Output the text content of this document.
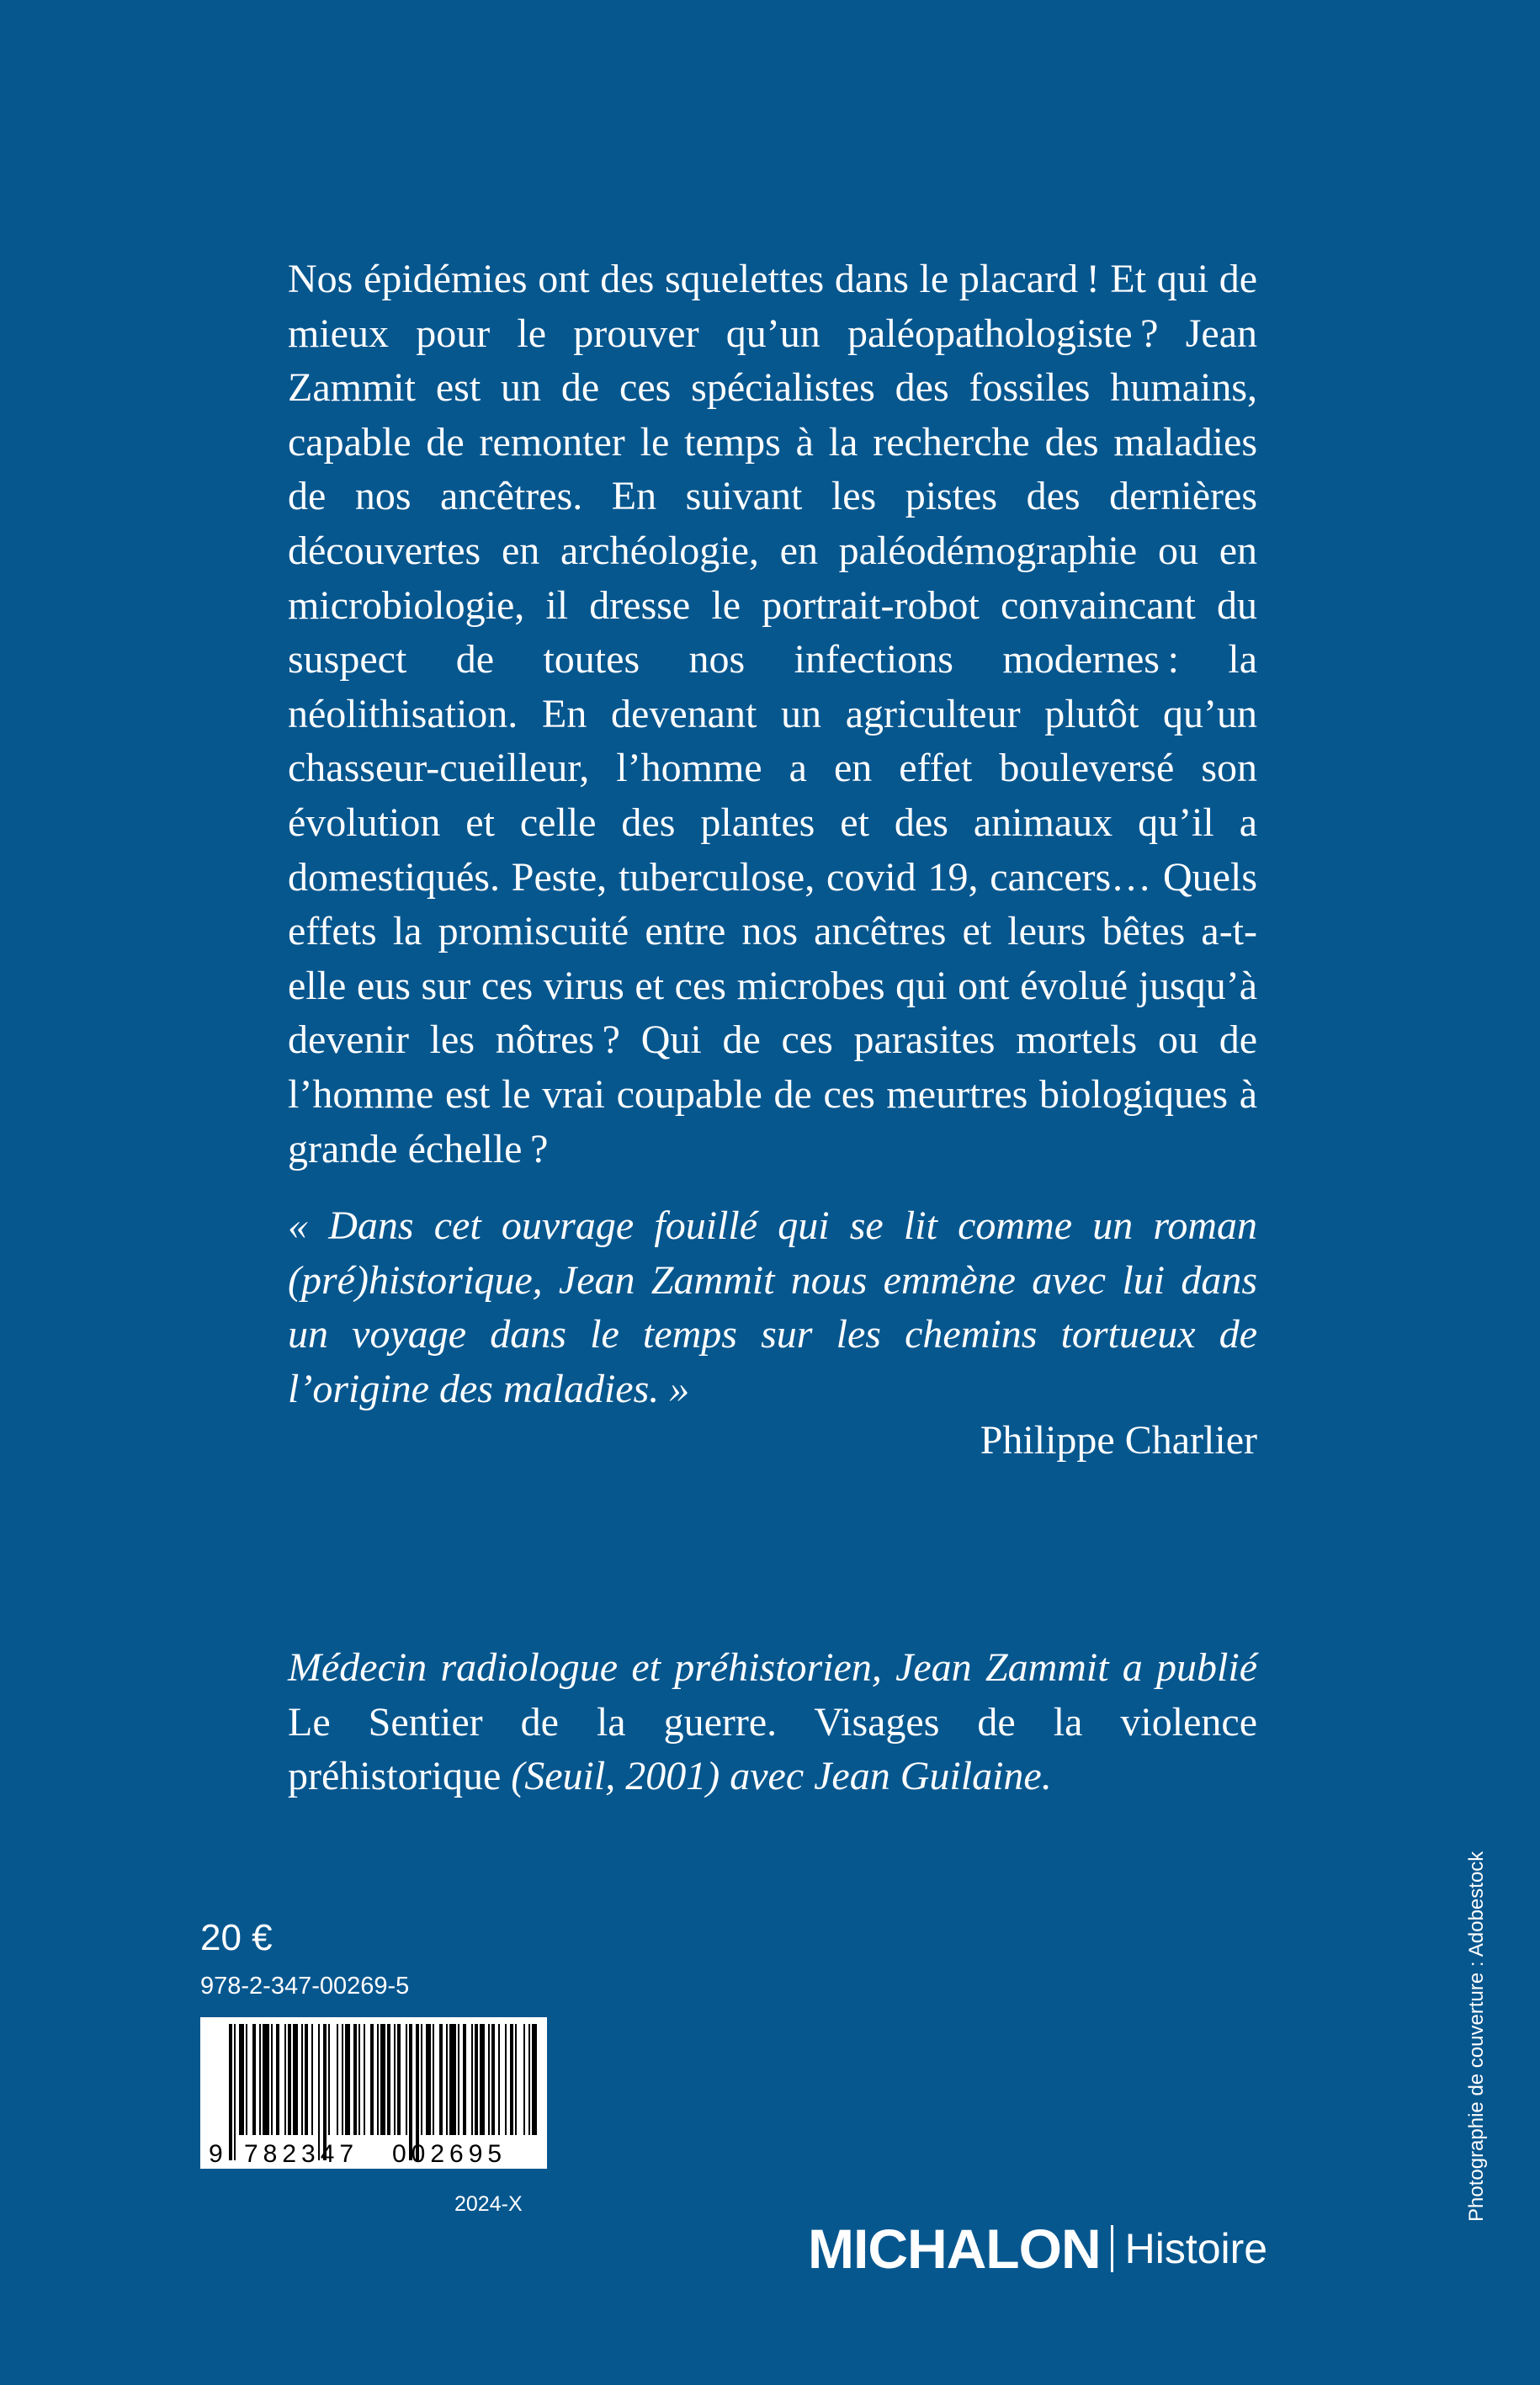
Nos épidémies ont des squelettes dans le placard ! Et qui de mieux pour le prouver qu’un paléopathologiste ? Jean Zammit est un de ces spécialistes des fossiles humains, capable de remonter le temps à la recherche des maladies de nos ancêtres. En suivant les pistes des dernières découvertes en archéologie, en paléodémographie ou en microbiologie, il dresse le portrait-robot convaincant du suspect de toutes nos infections modernes : la néolithisation. En devenant un agriculteur plutôt qu’un chasseur-cueilleur, l’homme a en effet bouleversé son évolution et celle des plantes et des animaux qu’il a domestiqués. Peste, tuberculose, covid 19, cancers… Quels effets la promiscuité entre nos ancêtres et leurs bêtes a-t-elle eus sur ces virus et ces microbes qui ont évolué jusqu’à devenir les nôtres ? Qui de ces parasites mortels ou de l’homme est le vrai coupable de ces meurtres biologiques à grande échelle ?

« Dans cet ouvrage fouillé qui se lit comme un roman (pré)historique, Jean Zammit nous emmène avec lui dans un voyage dans le temps sur les chemins tortueux de l’origine des maladies. »

Philippe Charlier

Médecin radiologue et préhistorien, Jean Zammit a publié Le Sentier de la guerre. Visages de la violence préhistorique (Seuil, 2001) avec Jean Guilaine.

20 €
978-2-347-00269-5
9 782347 002695
2024-X
MICHALON Histoire
Photographie de couverture : Adobestock
